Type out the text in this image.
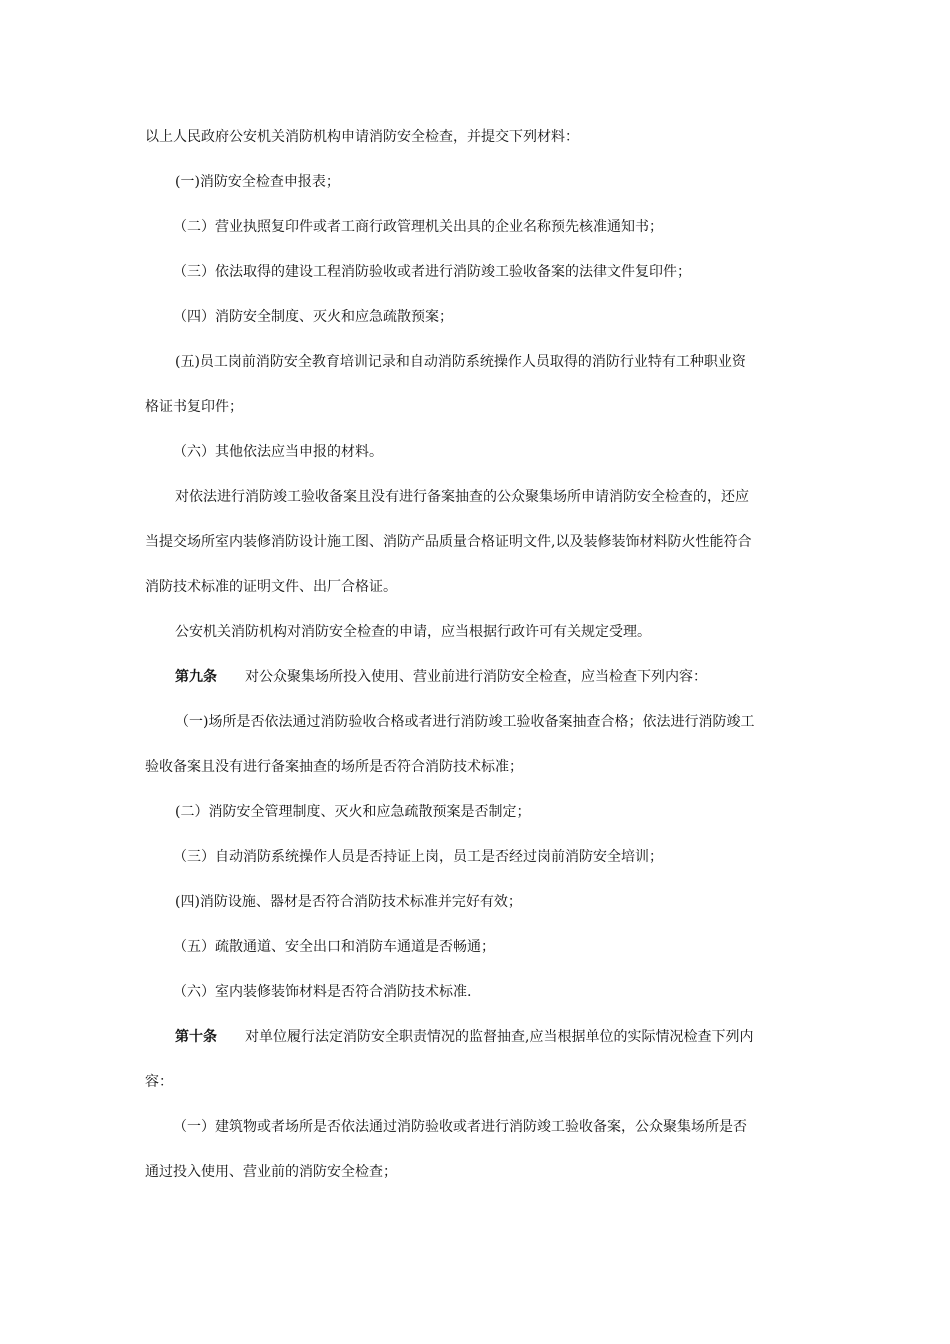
以上人民政府公安机关消防机构申请消防安全检查，并提交下列材料：
(一)消防安全检查申报表；
（二）营业执照复印件或者工商行政管理机关出具的企业名称预先核准通知书；
（三）依法取得的建设工程消防验收或者进行消防竣工验收备案的法律文件复印件；
（四）消防安全制度、灭火和应急疏散预案；
(五)员工岗前消防安全教育培训记录和自动消防系统操作人员取得的消防行业特有工种职业资
格证书复印件；
（六）其他依法应当申报的材料。
对依法进行消防竣工验收备案且没有进行备案抽查的公众聚集场所申请消防安全检查的，还应
当提交场所室内装修消防设计施工图、消防产品质量合格证明文件,以及装修装饰材料防火性能符合
消防技术标准的证明文件、出厂合格证。
公安机关消防机构对消防安全检查的申请，应当根据行政许可有关规定受理。
第九条 对公众聚集场所投入使用、营业前进行消防安全检查，应当检查下列内容：
（一)场所是否依法通过消防验收合格或者进行消防竣工验收备案抽查合格；依法进行消防竣工
验收备案且没有进行备案抽查的场所是否符合消防技术标准；
(二）消防安全管理制度、灭火和应急疏散预案是否制定；
（三）自动消防系统操作人员是否持证上岗，员工是否经过岗前消防安全培训；
(四)消防设施、器材是否符合消防技术标准并完好有效；
（五）疏散通道、安全出口和消防车通道是否畅通；
（六）室内装修装饰材料是否符合消防技术标准.
第十条 对单位履行法定消防安全职责情况的监督抽查,应当根据单位的实际情况检查下列内
容：
（一）建筑物或者场所是否依法通过消防验收或者进行消防竣工验收备案，公众聚集场所是否
通过投入使用、营业前的消防安全检查；
